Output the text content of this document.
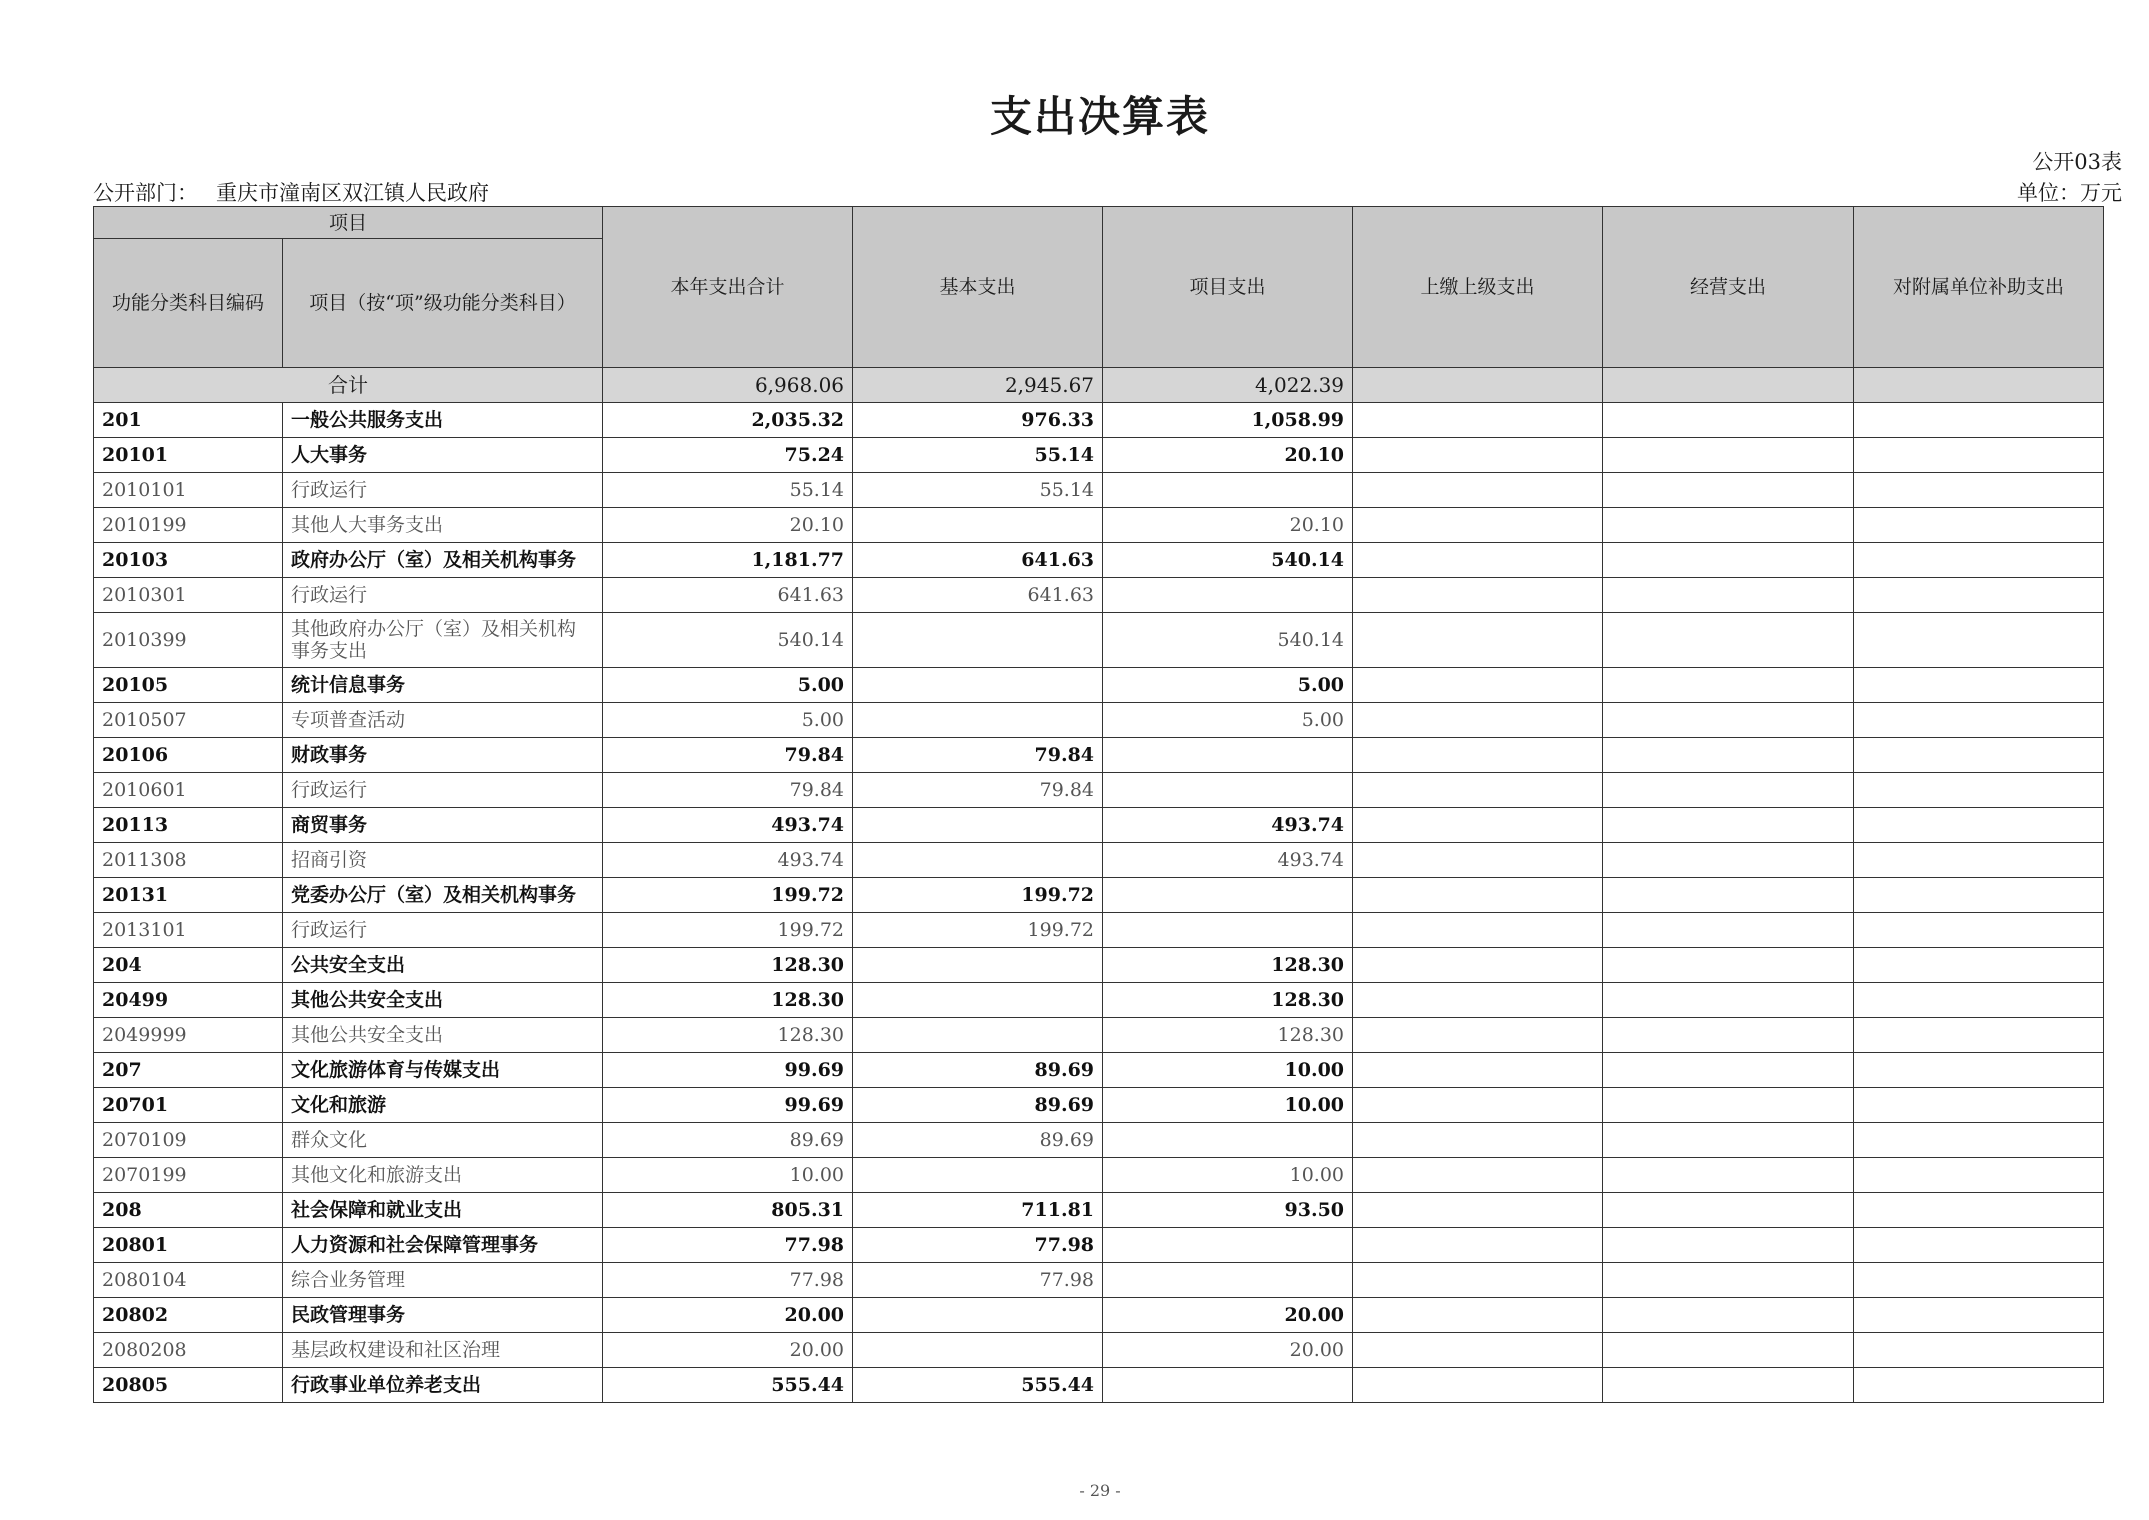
支出决算表
公开03表
公开部门： 重庆市潼南区双江镇人民政府	单位：万元
项目		本年支出合计	基本支出	项目支出	上缴上级支出	经营支出	对附属单位补助支出
功能分类科目编码	项目（按“项”级功能分类科目）						
合计		6,968.06	2,945.67	4,022.39			
201	一般公共服务支出	2,035.32	976.33	1,058.99			
20101	人大事务	75.24	55.14	20.10			
2010101	行政运行	55.14	55.14				
2010199	其他人大事务支出	20.10		20.10			
20103	政府办公厅（室）及相关机构事务	1,181.77	641.63	540.14			
2010301	行政运行	641.63	641.63				
2010399	其他政府办公厅（室）及相关机构事务支出	540.14		540.14			
20105	统计信息事务	5.00		5.00			
2010507	专项普查活动	5.00		5.00			
20106	财政事务	79.84	79.84				
2010601	行政运行	79.84	79.84				
20113	商贸事务	493.74		493.74			
2011308	招商引资	493.74		493.74			
20131	党委办公厅（室）及相关机构事务	199.72	199.72				
2013101	行政运行	199.72	199.72				
204	公共安全支出	128.30		128.30			
20499	其他公共安全支出	128.30		128.30			
2049999	其他公共安全支出	128.30		128.30			
207	文化旅游体育与传媒支出	99.69	89.69	10.00			
20701	文化和旅游	99.69	89.69	10.00			
2070109	群众文化	89.69	89.69				
2070199	其他文化和旅游支出	10.00		10.00			
208	社会保障和就业支出	805.31	711.81	93.50			
20801	人力资源和社会保障管理事务	77.98	77.98				
2080104	综合业务管理	77.98	77.98				
20802	民政管理事务	20.00		20.00			
2080208	基层政权建设和社区治理	20.00		20.00			
20805	行政事业单位养老支出	555.44	555.44				
- 29 -
